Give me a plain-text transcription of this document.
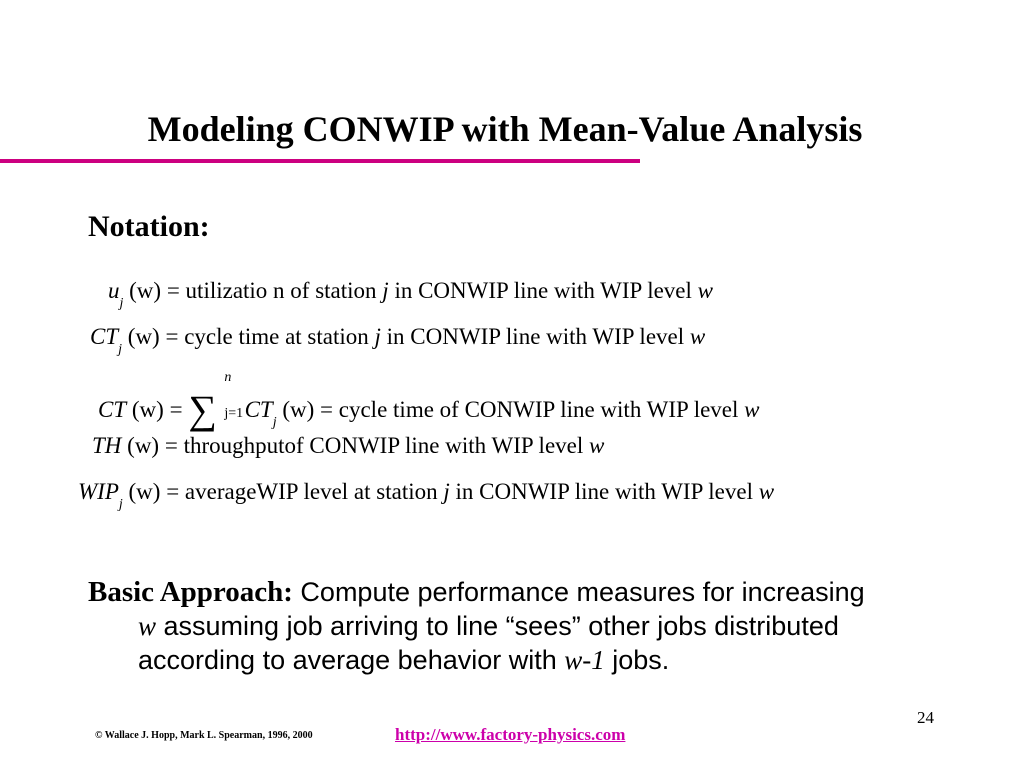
Modeling CONWIP with Mean-Value Analysis
Notation:
$u_j$ (w) = utilizatio n of station j in CONWIP line with WIP level w
$CT_j$ (w) = cycle time at station j in CONWIP line with WIP level w
CT (w) = ∑
n
j=1 $CT_j$ (w) = cycle time of CONWIP line with WIP level w
TH (w) = throughputof CONWIP line with WIP level w
$WIP_j$ (w) = averageWIP level at station j in CONWIP line with WIP level w
Basic Approach: Compute performance measures for increasing
w assuming job arriving to line “sees” other jobs distributed
according to average behavior with w-1 jobs.
24
© Wallace J. Hopp, Mark L. Spearman, 1996, 2000	http://www.factory-physics.com
